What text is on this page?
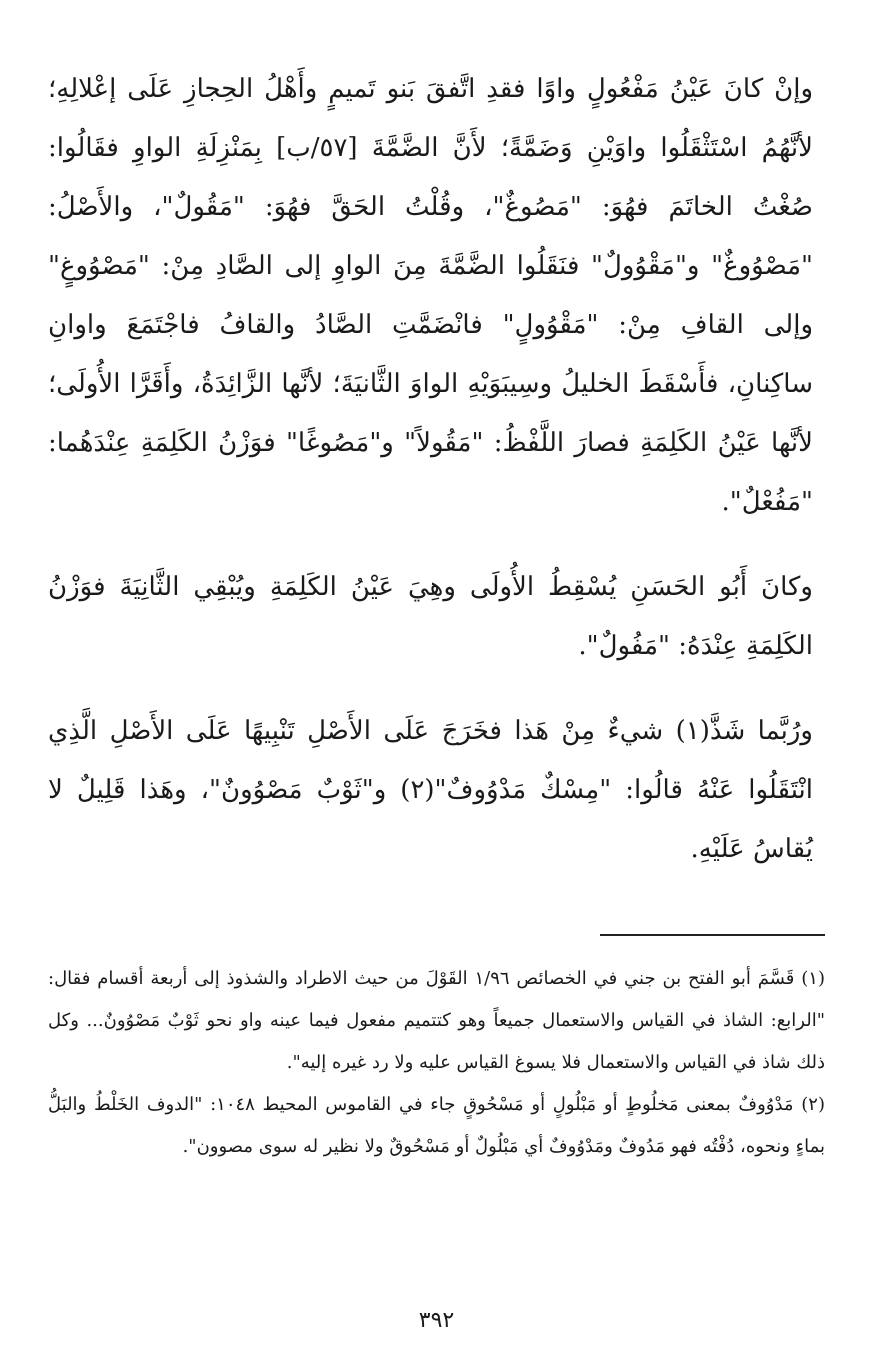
وإنْ كانَ عَيْنُ مَفْعُولٍ واوًا فقدِ اتَّفقَ بَنو تَميمٍ وأَهْلُ الحِجازِ عَلَى إعْلالِهِ؛ لأنَّهُمُ اسْتَثْقَلُوا واوَيْنِ وَضَمَّةً؛ لأَنَّ الضَّمَّةَ [٥٧/ب] بِمَنْزِلَةِ الواوِ فقَالُوا: صُغْتُ الخاتَمَ فهُوَ: "مَصُوغٌ"، وقُلْتُ الحَقَّ فهُوَ: "مَقُولٌ"، والأَصْلُ: "مَصْوُوغٌ" و"مَقْوُولٌ" فنَقَلُوا الضَّمَّةَ مِنَ الواوِ إلى الصَّادِ مِنْ: "مَصْوُوغٍ" وإلى القافِ مِنْ: "مَقْوُولٍ" فانْضَمَّتِ الصَّادُ والقافُ فاجْتَمَعَ واوانِ ساكِنانِ، فأَسْقَطَ الخليلُ وسِيبَوَيْهِ الواوَ الثَّانيَةَ؛ لأنَّها الزَّائِدَةُ، وأَقَرَّا الأُولَى؛ لأنَّها عَيْنُ الكَلِمَةِ فصارَ اللَّفْظُ: "مَقُولاً" و"مَصُوغًا" فوَزْنُ الكَلِمَةِ عِنْدَهُما: "مَفُعْلٌ".

وكانَ أَبُو الحَسَنِ يُسْقِطُ الأُولَى وهِيَ عَيْنُ الكَلِمَةِ ويُبْقِي الثَّانِيَةَ فوَزْنُ الكَلِمَةِ عِنْدَهُ: "مَفُولٌ".

ورُبَّما شَذَّ(١) شيءٌ مِنْ هَذا فخَرَجَ عَلَى الأَصْلِ تَنْبِيهًا عَلَى الأَصْلِ الَّذِي انْتَقَلُوا عَنْهُ قالُوا: "مِسْكٌ مَدْوُوفٌ"(٢) و"ثَوْبٌ مَصْوُونٌ"، وهَذا قَلِيلٌ لا يُقاسُ عَلَيْهِ.

(١) قَسَّمَ أبو الفتح بن جني في الخصائص ١/٩٦ القَوْلَ من حيث الاطراد والشذوذ إلى أربعة أقسام فقال: "الرابع: الشاذ في القياس والاستعمال جميعاً وهو كتتميم مفعول فيما عينه واو نحو ثَوْبٌ مَصْوُونٌ... وكل ذلك شاذ في القياس والاستعمال فلا يسوغ القياس عليه ولا رد غيره إليه".

(٢) مَدْوُوفٌ بمعنى مَخلُوطٍ أو مَبْلُولٍ أو مَسْحُوقٍ جاء في القاموس المحيط ١٠٤٨: "الدوف الخَلْطُ والبَلُّ بماءٍ ونحوه، دُفْتُه فهو مَدُوفٌ ومَدْوُوفٌ أي مَبْلُولٌ أو مَسْحُوقٌ ولا نظير له سوى مصوون".

٣٩٢
